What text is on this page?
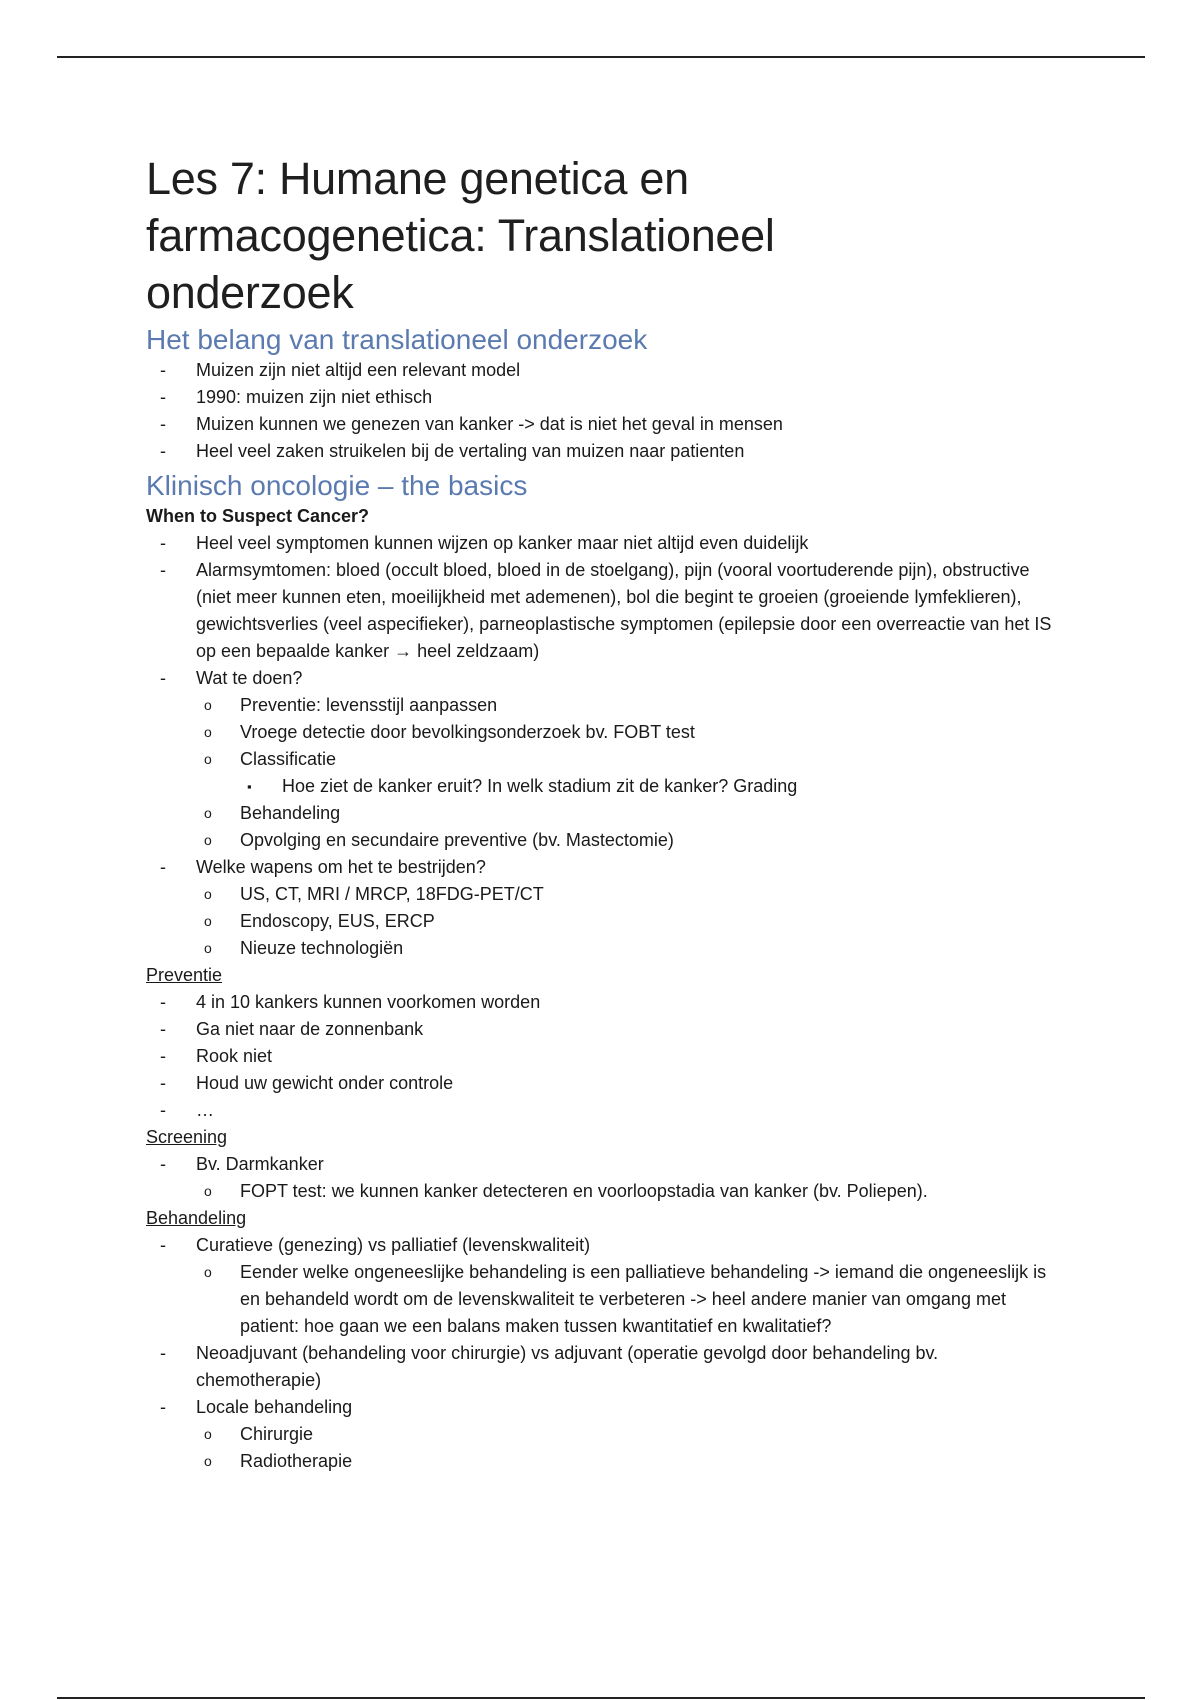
Les 7: Humane genetica en
farmacogenetica: Translationeel
onderzoek
Het belang van translationeel onderzoek
- Muizen zijn niet altijd een relevant model
- 1990: muizen zijn niet ethisch
- Muizen kunnen we genezen van kanker -> dat is niet het geval in mensen
- Heel veel zaken struikelen bij de vertaling van muizen naar patienten
Klinisch oncologie – the basics
When to Suspect Cancer?
- Heel veel symptomen kunnen wijzen op kanker maar niet altijd even duidelijk
- Alarmsymtomen: bloed (occult bloed, bloed in de stoelgang), pijn (vooral voortuderende pijn), obstructive (niet meer kunnen eten, moeilijkheid met ademenen), bol die begint te groeien (groeiende lymfeklieren), gewichtsverlies (veel aspecifieker), parneoplastische symptomen (epilepsie door een overreactie van het IS op een bepaalde kanker → heel zeldzaam)
- Wat te doen?
o Preventie: levensstijl aanpassen
o Vroege detectie door bevolkingsonderzoek bv. FOBT test
o Classificatie
▪ Hoe ziet de kanker eruit? In welk stadium zit de kanker? Grading
o Behandeling
o Opvolging en secundaire preventive (bv. Mastectomie)
- Welke wapens om het te bestrijden?
o US, CT, MRI / MRCP, 18FDG-PET/CT
o Endoscopy, EUS, ERCP
o Nieuze technologiën
Preventie
- 4 in 10 kankers kunnen voorkomen worden
- Ga niet naar de zonnenbank
- Rook niet
- Houd uw gewicht onder controle
- …
Screening
- Bv. Darmkanker
o FOPT test: we kunnen kanker detecteren en voorloopstadia van kanker (bv. Poliepen).
Behandeling
- Curatieve (genezing) vs palliatief (levenskwaliteit)
o Eender welke ongeneeslijke behandeling is een palliatieve behandeling -> iemand die ongeneeslijk is en behandeld wordt om de levenskwaliteit te verbeteren -> heel andere manier van omgang met patient: hoe gaan we een balans maken tussen kwantitatief en kwalitatief?
- Neoadjuvant (behandeling voor chirurgie) vs adjuvant (operatie gevolgd door behandeling bv. chemotherapie)
- Locale behandeling
o Chirurgie
o Radiotherapie
